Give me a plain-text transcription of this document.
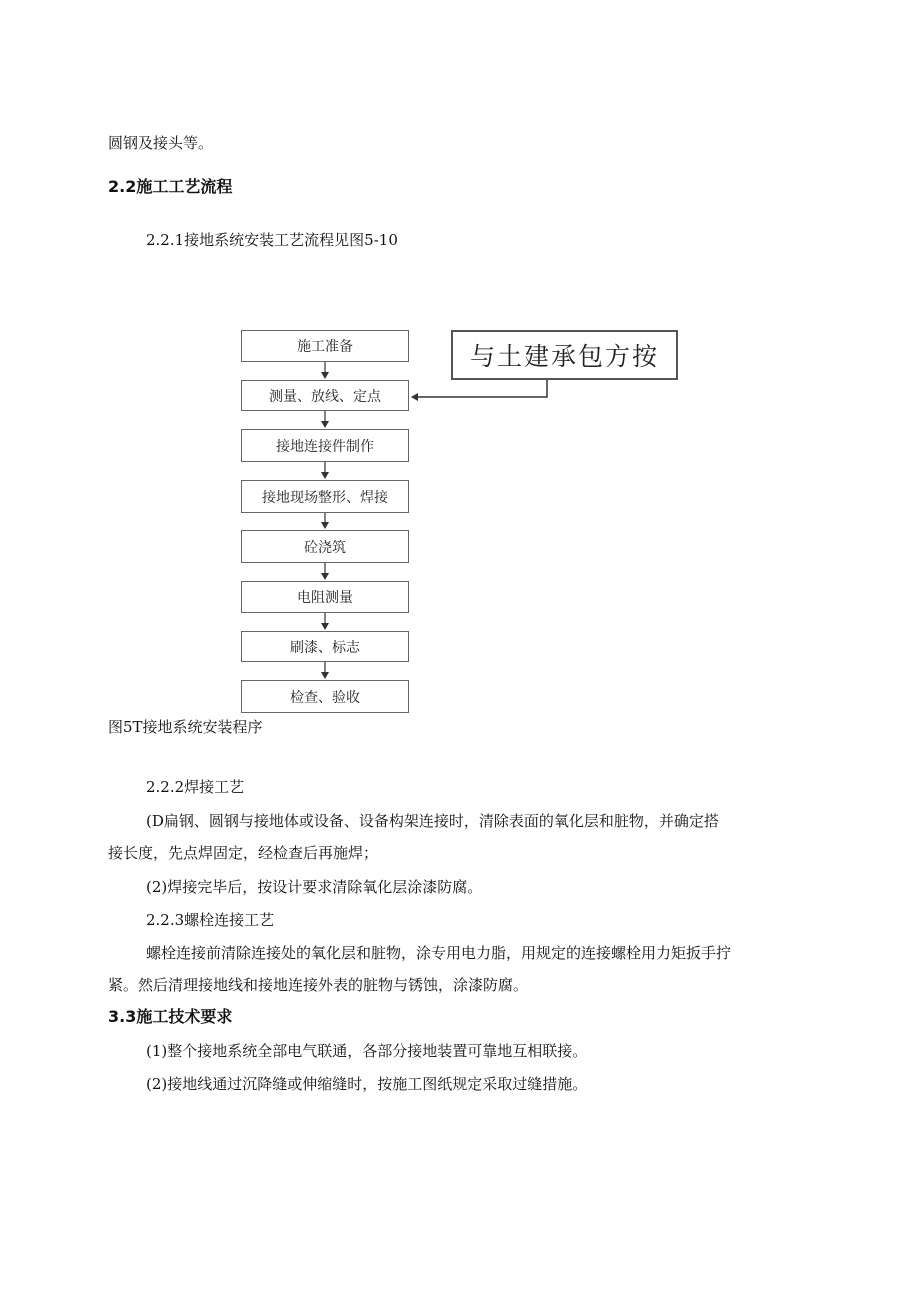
圆钢及接头等。
2.2施工工艺流程
2.2.1接地系统安装工艺流程见图5-10
施工准备
测量、放线、定点
接地连接件制作
接地现场整形、焊接
砼浇筑
电阻测量
刷漆、标志
检查、验收
与土建承包方按
图5T接地系统安装程序
2.2.2焊接工艺
(D扁钢、圆钢与接地体或设备、设备构架连接时，清除表面的氧化层和脏物，并确定搭
接长度，先点焊固定，经检查后再施焊；
(2)焊接完毕后，按设计要求清除氧化层涂漆防腐。
2.2.3螺栓连接工艺
螺栓连接前清除连接处的氧化层和脏物，涂专用电力脂，用规定的连接螺栓用力矩扳手拧
紧。然后清理接地线和接地连接外表的脏物与锈蚀，涂漆防腐。
3.3施工技术要求
(1)整个接地系统全部电气联通，各部分接地装置可靠地互相联接。
(2)接地线通过沉降缝或伸缩缝时，按施工图纸规定采取过缝措施。
